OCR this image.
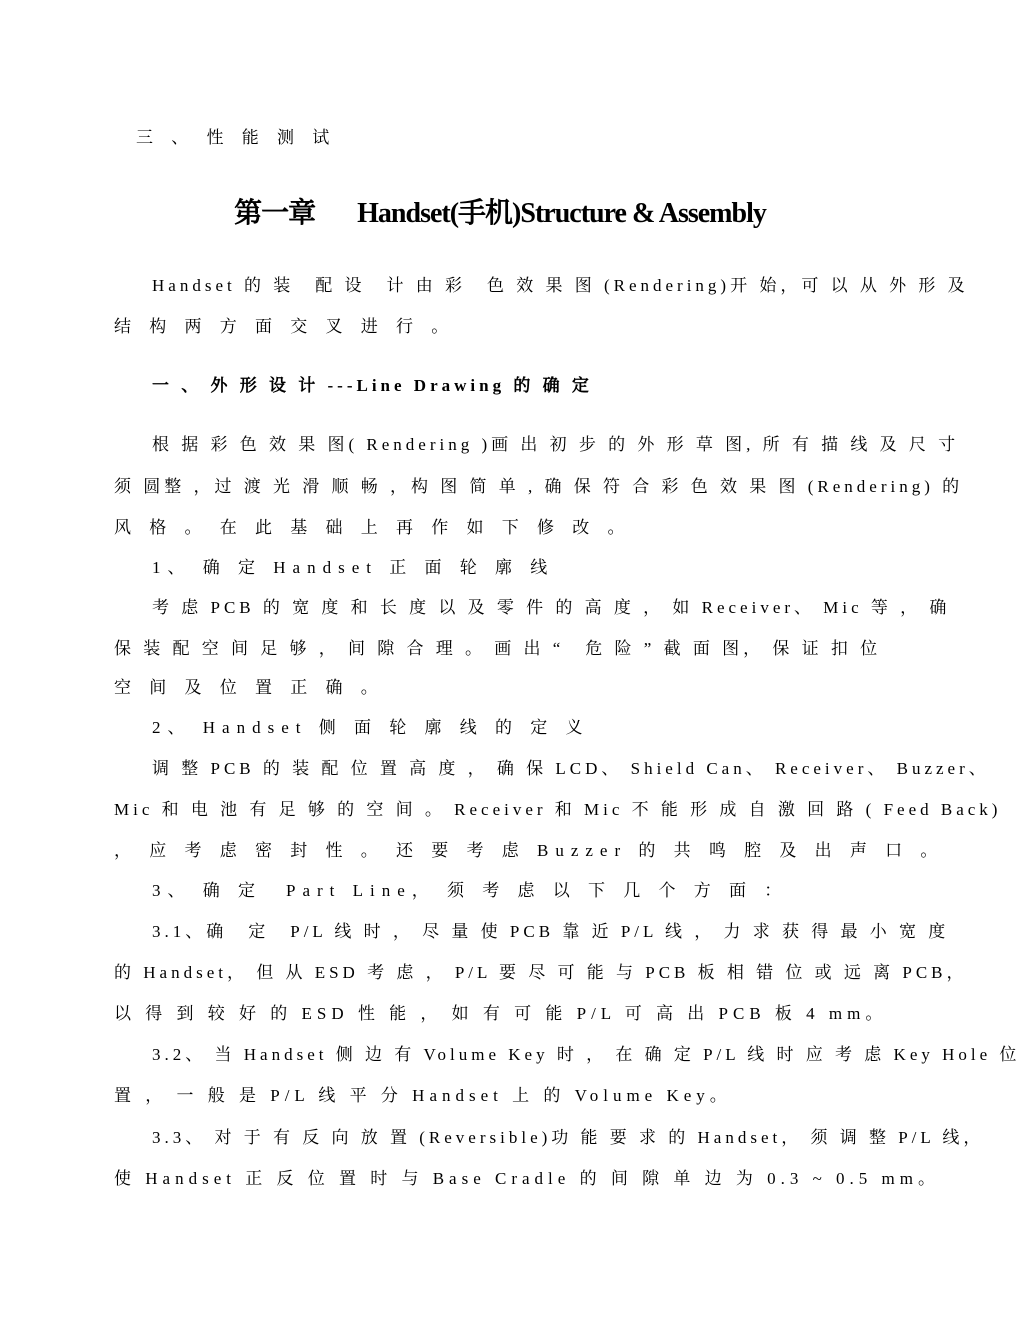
三 、 性 能 测 试
第一章 Handset(手机)Structure & Assembly
Handset 的 装　配 设　计 由 彩　色 效 果 图 (Rendering)开 始，可 以 从 外 形 及
结 构 两 方 面 交 叉 进 行 。
一 、 外 形 设 计 ---Line Drawing 的 确 定
根 据 彩 色 效 果 图( Rendering )画 出 初 步 的 外 形 草 图, 所 有 描 线 及 尺 寸
须 圆整 ，过 渡 光 滑 顺 畅 ，构 图 简 单 , 确 保 符 合 彩 色 效 果 图 (Rendering) 的
风 格 。 在 此 基 础 上 再 作 如 下 修 改 。
1、 确 定 Handset 正 面 轮 廓 线
考 虑 PCB 的 宽 度 和 长 度 以 及 零 件 的 高 度 ， 如 Receiver、 Mic 等 ， 确
保 装 配 空 间 足 够 ， 间 隙 合 理 。 画 出 “　危 险 ” 截 面 图， 保 证 扣 位
空 间 及 位 置 正 确 。
2、 Handset 侧 面 轮 廓 线 的 定 义
调 整 PCB 的 装 配 位 置 高 度 ， 确 保 LCD、 Shield Can、 Receiver、 Buzzer、
Mic 和 电 池 有 足 够 的 空 间 。 Receiver 和 Mic 不 能 形 成 自 激 回 路 ( Feed Back)
， 应 考 虑 密 封 性 。 还 要 考 虑 Buzzer 的 共 鸣 腔 及 出 声 口 。
3、 确 定　Part Line， 须 考 虑 以 下 几 个 方 面 ：
3.1、确　定　P/L 线 时 ， 尽 量 使 PCB 靠 近 P/L 线 ， 力 求 获 得 最 小 宽 度
的 Handset， 但 从 ESD 考 虑 ， P/L 要 尽 可 能 与 PCB 板 相 错 位 或 远 离 PCB，
以 得 到 较 好 的 ESD 性 能 ， 如 有 可 能 P/L 可 高 出 PCB 板 4 mm。
3.2、 当 Handset 侧 边 有 Volume Key 时 ， 在 确 定 P/L 线 时 应 考 虑 Key Hole 位
置 ， 一 般 是 P/L 线 平 分 Handset 上 的 Volume Key。
3.3、 对 于 有 反 向 放 置 (Reversible)功 能 要 求 的 Handset， 须 调 整 P/L 线，
使 Handset 正 反 位 置 时 与 Base Cradle 的 间 隙 单 边 为 0.3 ~ 0.5 mm。
